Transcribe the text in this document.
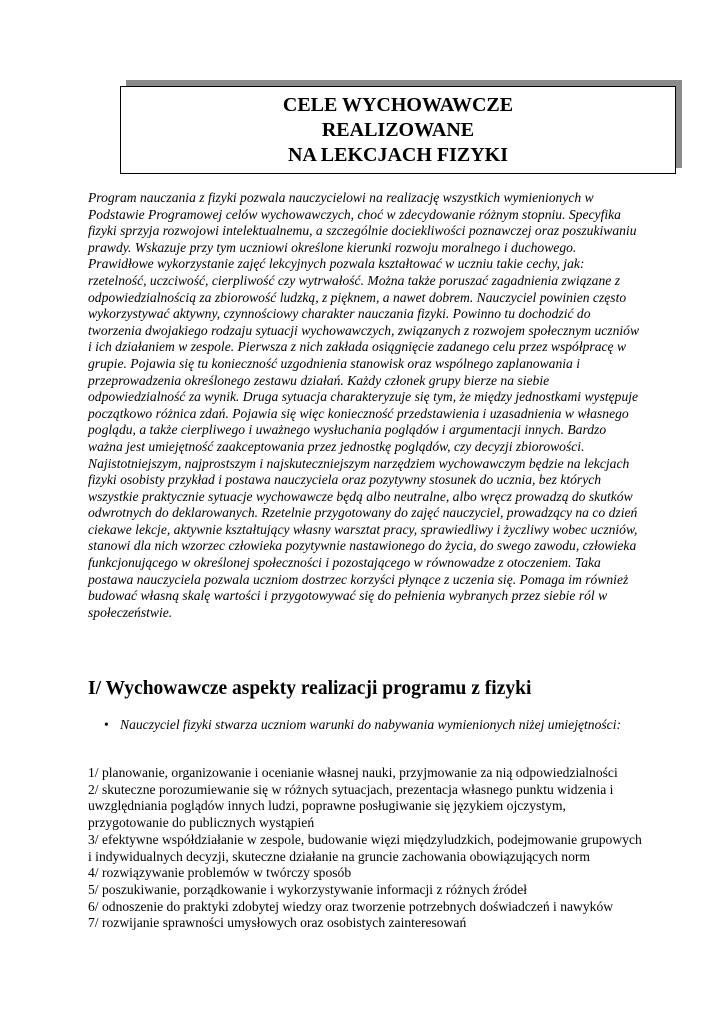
CELE WYCHOWAWCZE
REALIZOWANE
NA LEKCJACH FIZYKI

Program nauczania z fizyki pozwala nauczycielowi na realizację wszystkich wymienionych w Podstawie Programowej celów wychowawczych, choć w zdecydowanie różnym stopniu. Specyfika fizyki sprzyja rozwojowi intelektualnemu, a szczególnie dociekliwości poznawczej oraz poszukiwaniu prawdy. Wskazuje przy tym uczniowi określone kierunki rozwoju moralnego i duchowego. Prawidłowe wykorzystanie zajęć lekcyjnych pozwala kształtować w uczniu takie cechy, jak: rzetelność, uczciwość, cierpliwość czy wytrwałość. Można także poruszać zagadnienia związane z odpowiedzialnością za zbiorowość ludzką, z pięknem, a nawet dobrem. Nauczyciel powinien często wykorzystywać aktywny, czynnościowy charakter nauczania fizyki. Powinno tu dochodzić do tworzenia dwojakiego rodzaju sytuacji wychowawczych, związanych z rozwojem społecznym uczniów i ich działaniem w zespole. Pierwsza z nich zakłada osiągnięcie zadanego celu przez współpracę w grupie. Pojawia się tu konieczność uzgodnienia stanowisk oraz wspólnego zaplanowania i przeprowadzenia określonego zestawu działań. Każdy członek grupy bierze na siebie odpowiedzialność za wynik. Druga sytuacja charakteryzuje się tym, że między jednostkami występuje początkowo różnica zdań. Pojawia się więc konieczność przedstawienia i uzasadnienia w własnego poglądu, a także cierpliwego i uważnego wysłuchania poglądów i argumentacji innych. Bardzo ważna jest umiejętność zaakceptowania przez jednostkę poglądów, czy decyzji zbiorowości.

Najistotniejszym, najprostszym i najskuteczniejszym narzędziem wychowawczym będzie na lekcjach fizyki osobisty przykład i postawa nauczyciela oraz pozytywny stosunek do ucznia, bez których wszystkie praktycznie sytuacje wychowawcze będą albo neutralne, albo wręcz prowadzą do skutków odwrotnych do deklarowanych. Rzetelnie przygotowany do zajęć nauczyciel, prowadzący na co dzień ciekawe lekcje, aktywnie kształtujący własny warsztat pracy, sprawiedliwy i życzliwy wobec uczniów, stanowi dla nich wzorzec człowieka pozytywnie nastawionego do życia, do swego zawodu, człowieka funkcjonującego w określonej społeczności i pozostającego w równowadze z otoczeniem. Taka postawa nauczyciela pozwala uczniom dostrzec korzyści płynące z uczenia się. Pomaga im również budować własną skalę wartości i przygotowywać się do pełnienia wybranych przez siebie ról w społeczeństwie.

I/ Wychowawcze aspekty realizacji programu z fizyki
• Nauczyciel fizyki stwarza uczniom warunki do nabywania wymienionych niżej umiejętności:
1/ planowanie, organizowanie i ocenianie własnej nauki, przyjmowanie za nią odpowiedzialności
2/ skuteczne porozumiewanie się w różnych sytuacjach, prezentacja własnego punktu widzenia i uwzględniania poglądów innych ludzi, poprawne posługiwanie się językiem ojczystym, przygotowanie do publicznych wystąpień
3/ efektywne współdziałanie w zespole, budowanie więzi międzyludzkich, podejmowanie grupowych i indywidualnych decyzji, skuteczne działanie na gruncie zachowania obowiązujących norm
4/ rozwiązywanie problemów w twórczy sposób
5/ poszukiwanie, porządkowanie i wykorzystywanie informacji z różnych źródeł
6/ odnoszenie do praktyki zdobytej wiedzy oraz tworzenie potrzebnych doświadczeń i nawyków
7/ rozwijanie sprawności umysłowych oraz osobistych zainteresowań
